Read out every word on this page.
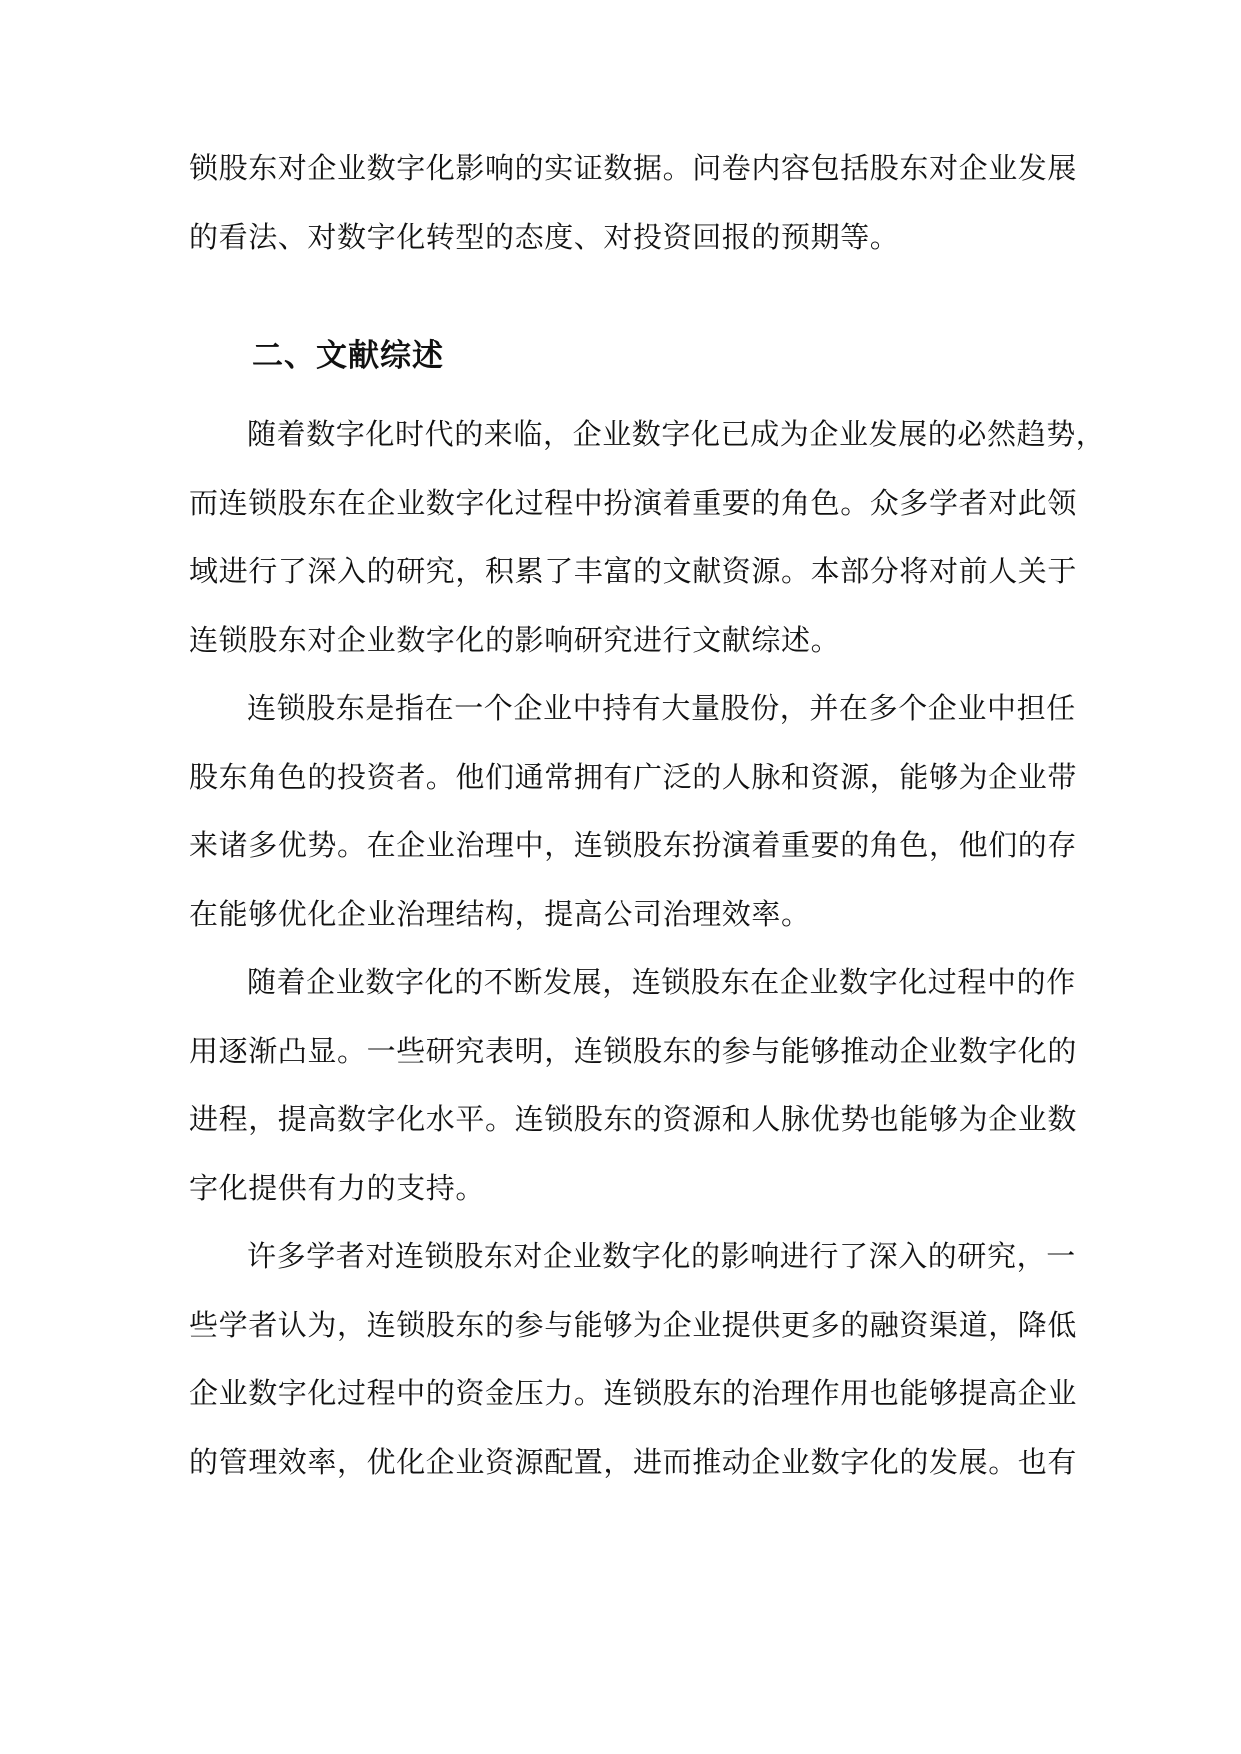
锁股东对企业数字化影响的实证数据。问卷内容包括股东对企业发展
的看法、对数字化转型的态度、对投资回报的预期等。
二、文献综述
随着数字化时代的来临，企业数字化已成为企业发展的必然趋势，
而连锁股东在企业数字化过程中扮演着重要的角色。众多学者对此领
域进行了深入的研究，积累了丰富的文献资源。本部分将对前人关于
连锁股东对企业数字化的影响研究进行文献综述。
连锁股东是指在一个企业中持有大量股份，并在多个企业中担任
股东角色的投资者。他们通常拥有广泛的人脉和资源，能够为企业带
来诸多优势。在企业治理中，连锁股东扮演着重要的角色，他们的存
在能够优化企业治理结构，提高公司治理效率。
随着企业数字化的不断发展，连锁股东在企业数字化过程中的作
用逐渐凸显。一些研究表明，连锁股东的参与能够推动企业数字化的
进程，提高数字化水平。连锁股东的资源和人脉优势也能够为企业数
字化提供有力的支持。
许多学者对连锁股东对企业数字化的影响进行了深入的研究，一
些学者认为，连锁股东的参与能够为企业提供更多的融资渠道，降低
企业数字化过程中的资金压力。连锁股东的治理作用也能够提高企业
的管理效率，优化企业资源配置，进而推动企业数字化的发展。也有
